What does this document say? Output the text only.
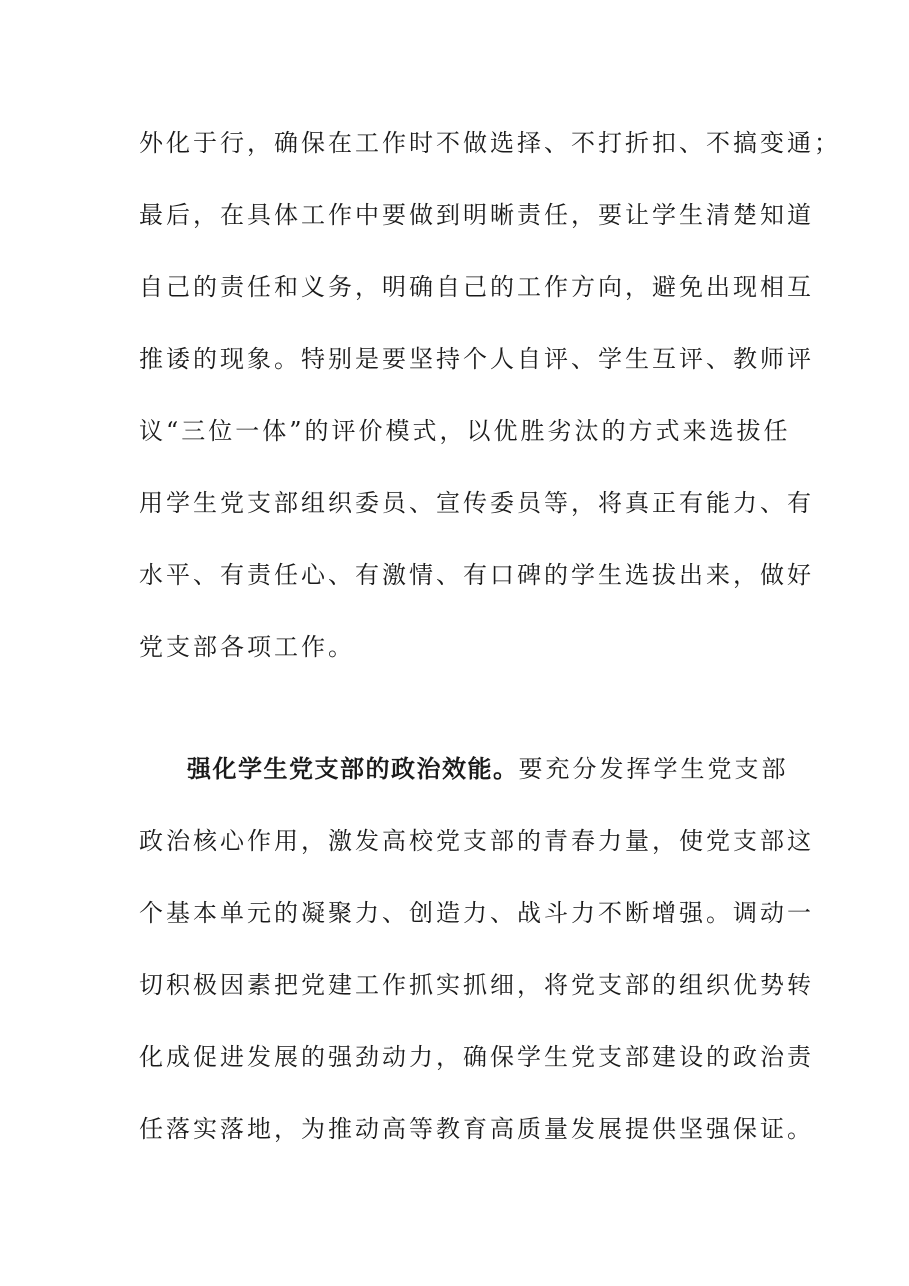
外化于行，确保在工作时不做选择、不打折扣、不搞变通；
最后，在具体工作中要做到明晰责任，要让学生清楚知道
自己的责任和义务，明确自己的工作方向，避免出现相互
推诿的现象。特别是要坚持个人自评、学生互评、教师评
议“三位一体”的评价模式，以优胜劣汰的方式来选拔任
用学生党支部组织委员、宣传委员等，将真正有能力、有
水平、有责任心、有激情、有口碑的学生选拔出来，做好
党支部各项工作。
强化学生党支部的政治效能。要充分发挥学生党支部
政治核心作用，激发高校党支部的青春力量，使党支部这
个基本单元的凝聚力、创造力、战斗力不断增强。调动一
切积极因素把党建工作抓实抓细，将党支部的组织优势转
化成促进发展的强劲动力，确保学生党支部建设的政治责
任落实落地，为推动高等教育高质量发展提供坚强保证。
